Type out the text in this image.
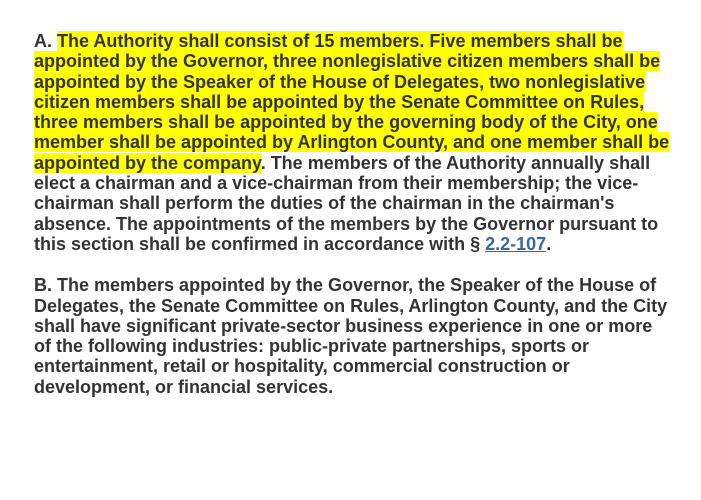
A. The Authority shall consist of 15 members. Five members shall be appointed by the Governor, three nonlegislative citizen members shall be appointed by the Speaker of the House of Delegates, two nonlegislative citizen members shall be appointed by the Senate Committee on Rules, three members shall be appointed by the governing body of the City, one member shall be appointed by Arlington County, and one member shall be appointed by the company. The members of the Authority annually shall elect a chairman and a vice-chairman from their membership; the vice-chairman shall perform the duties of the chairman in the chairman's absence. The appointments of the members by the Governor pursuant to this section shall be confirmed in accordance with § 2.2-107.

B. The members appointed by the Governor, the Speaker of the House of Delegates, the Senate Committee on Rules, Arlington County, and the City shall have significant private-sector business experience in one or more of the following industries: public-private partnerships, sports or entertainment, retail or hospitality, commercial construction or development, or financial services.
